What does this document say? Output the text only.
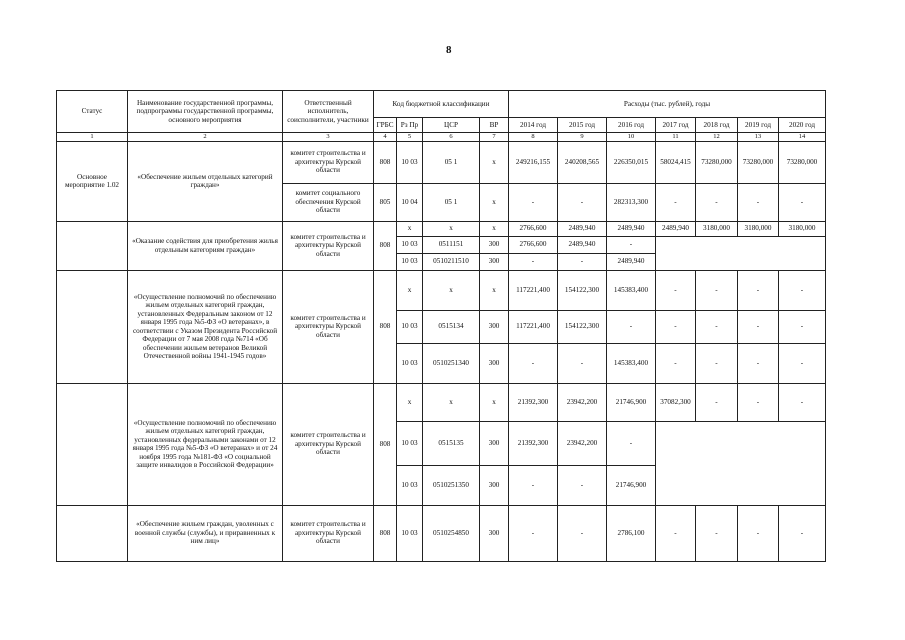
8
Статус	Наименование государственной программы, подпрограммы государственной программы, основного мероприятия	Ответственный исполнитель, соисполнители, участники	Код бюджетной классификации				Расходы (тыс. рублей), годы						
			ГРБС	Рз Пр	ЦСР	ВР	2014 год	2015 год	2016 год	2017 год	2018 год	2019 год	2020 год
1	2	3	4	5	6	7	8	9	10	11	12	13	14
Основное мероприятие 1.02	«Обеспечение жильем отдельных категорий граждан»	комитет строительства и архитектуры Курской области	808	10 03	05 1	х	249216,155	240208,565	226350,015	58024,415	73280,000	73280,000	73280,000
		комитет социального обеспечения Курской области	805	10 04	05 1	х	-	-	282313,300	-	-	-	-
	«Оказание содействия для приобретения жилья отдельным категориям граждан»	комитет строительства и архитектуры Курской области	808	х	х	х	2766,600	2489,940	2489,940	2489,940	3180,000	3180,000	3180,000
				10 03	0511151	300	2766,600	2489,940	-				
				10 03	0510211510	300	-	-	2489,940				
	«Осуществление полномочий по обеспечению жильем отдельных категорий граждан, установленных Федеральным законом от 12 января 1995 года №5-ФЗ «О ветеранах», в соответствии с Указом Президента Российской Федерации от 7 мая 2008 года №714 «Об обеспечении жильем ветеранов Великой Отечественной войны 1941-1945 годов»	комитет строительства и архитектуры Курской области	808	х	х	х	117221,400	154122,300	145383,400	-	-	-	-
				10 03	0515134	300	117221,400	154122,300	-	-	-	-	-
				10 03	0510251340	300	-	-	145383,400	-	-	-	-
	«Осуществление полномочий по обеспечению жильем отдельных категорий граждан, установленных федеральными законами от 12 января 1995 года №5-ФЗ «О ветеранах» и от 24 ноября 1995 года №181-ФЗ «О социальной защите инвалидов в Российской Федерации»	комитет строительства и архитектуры Курской области	808	х	х	х	21392,300	23942,200	21746,900	37082,300	-	-	-
				10 03	0515135	300	21392,300	23942,200	-				
				10 03	0510251350	300	-	-	21746,900				
	«Обеспечение жильем граждан, уволенных с военной службы (службы), и приравненных к ним лиц»	комитет строительства и архитектуры Курской области	808	10 03	0510254850	300	-	-	2786,100	-	-	-	-
